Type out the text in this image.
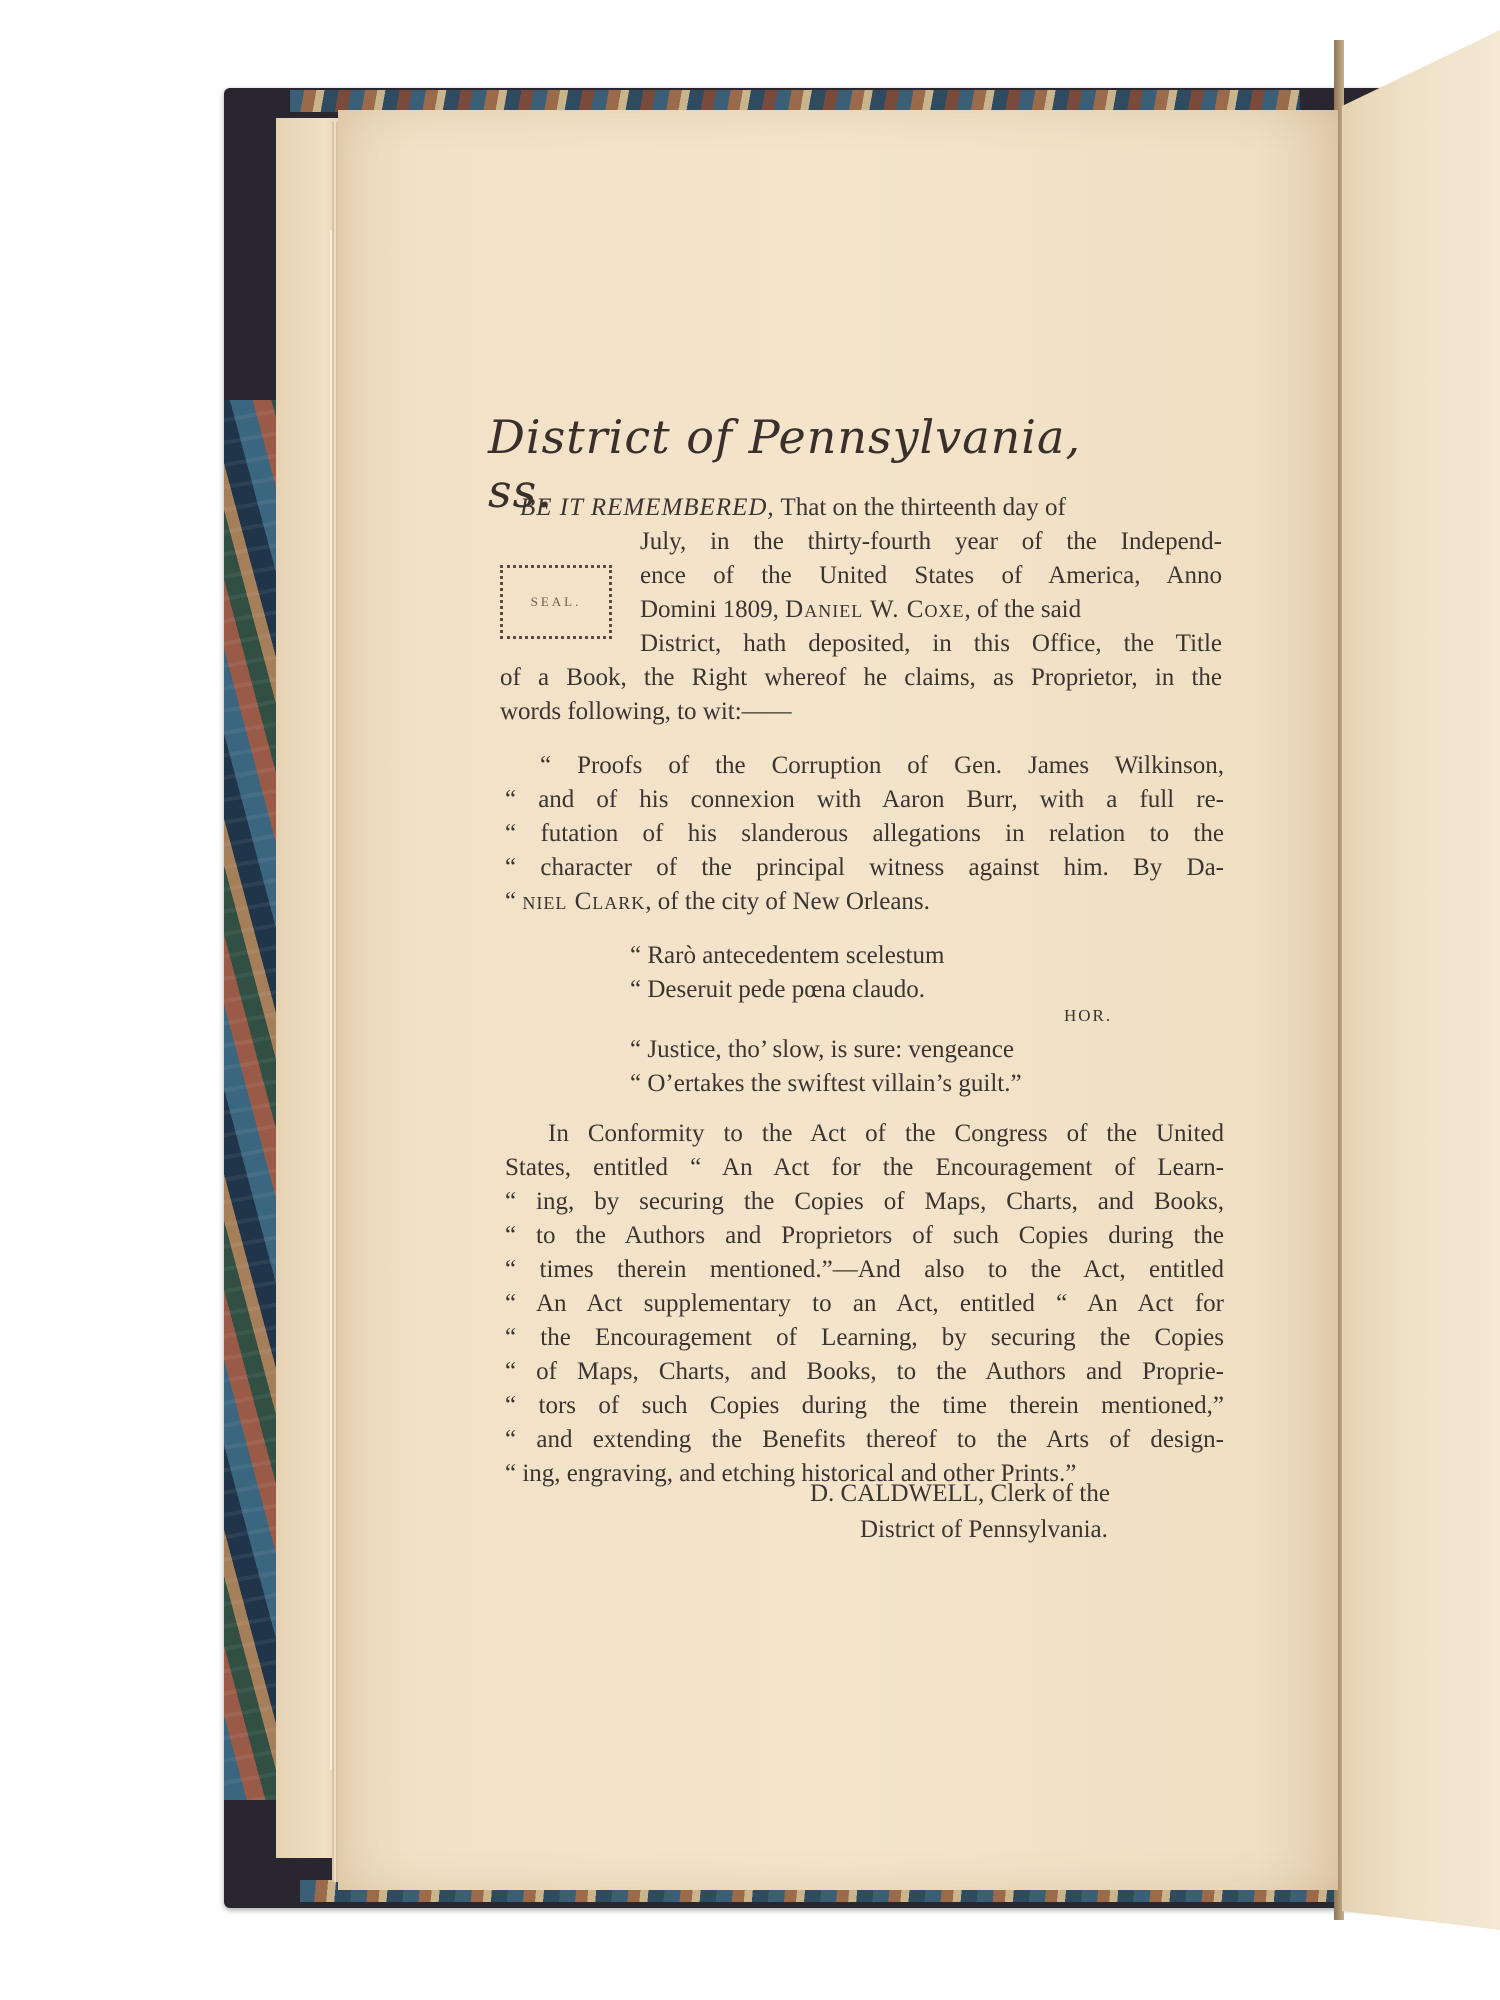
District of Pennsylvania, ss.
BE IT REMEMBERED, That on the thirteenth day of
July, in the thirty-fourth year of the Independ-
ence of the United States of America, Anno
Domini 1809, Daniel W. Coxe, of the said
District, hath deposited, in this Office, the Title
of a Book, the Right whereof he claims, as Proprietor, in the
words following, to wit:——
SEAL.
“ Proofs of the Corruption of Gen. James Wilkinson,
“ and of his connexion with Aaron Burr, with a full re-
“ futation of his slanderous allegations in relation to the
“ character of the principal witness against him. By Da-
“ niel Clark, of the city of New Orleans.
“ Rarò antecedentem scelestum
“ Deseruit pede pœna claudo.
HOR.
“ Justice, tho’ slow, is sure: vengeance
“ O’ertakes the swiftest villain’s guilt.”
In Conformity to the Act of the Congress of the United
States, entitled “ An Act for the Encouragement of Learn-
“ ing, by securing the Copies of Maps, Charts, and Books,
“ to the Authors and Proprietors of such Copies during the
“ times therein mentioned.”—And also to the Act, entitled
“ An Act supplementary to an Act, entitled “ An Act for
“ the Encouragement of Learning, by securing the Copies
“ of Maps, Charts, and Books, to the Authors and Proprie-
“ tors of such Copies during the time therein mentioned,”
“ and extending the Benefits thereof to the Arts of design-
“ ing, engraving, and etching historical and other Prints.”
D. CALDWELL, Clerk of the
District of Pennsylvania.
